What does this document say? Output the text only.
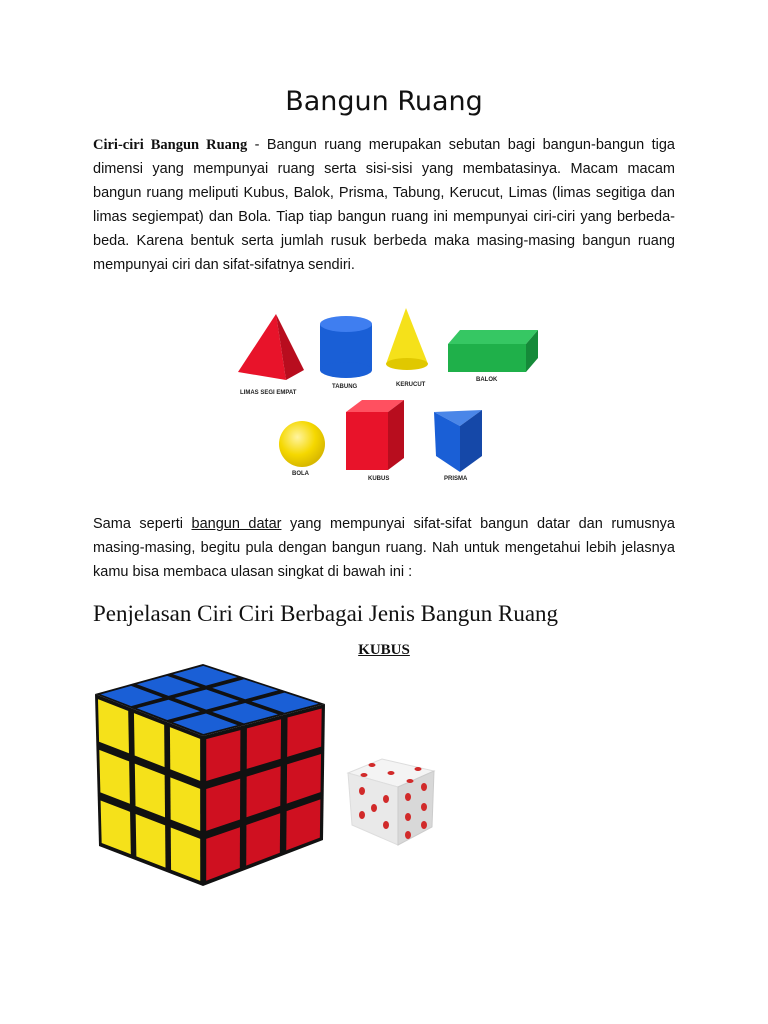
Bangun Ruang
Ciri-ciri Bangun Ruang - Bangun ruang merupakan sebutan bagi bangun-bangun tiga dimensi yang mempunyai ruang serta sisi-sisi yang membatasinya. Macam macam bangun ruang meliputi Kubus, Balok, Prisma, Tabung, Kerucut, Limas (limas segitiga dan limas segiempat) dan Bola. Tiap tiap bangun ruang ini mempunyai ciri-ciri yang berbeda-beda. Karena bentuk serta jumlah rusuk berbeda maka masing-masing bangun ruang mempunyai ciri dan sifat-sifatnya sendiri.
LIMAS SEGI EMPAT
TABUNG	KERUCUT
BALOK
BOLA
KUBUS	PRISMA
Sama seperti bangun datar yang mempunyai sifat-sifat bangun datar dan rumusnya masing-masing, begitu pula dengan bangun ruang. Nah untuk mengetahui lebih jelasnya kamu bisa membaca ulasan singkat di bawah ini :
Penjelasan Ciri Ciri Berbagai Jenis Bangun Ruang
KUBUS
